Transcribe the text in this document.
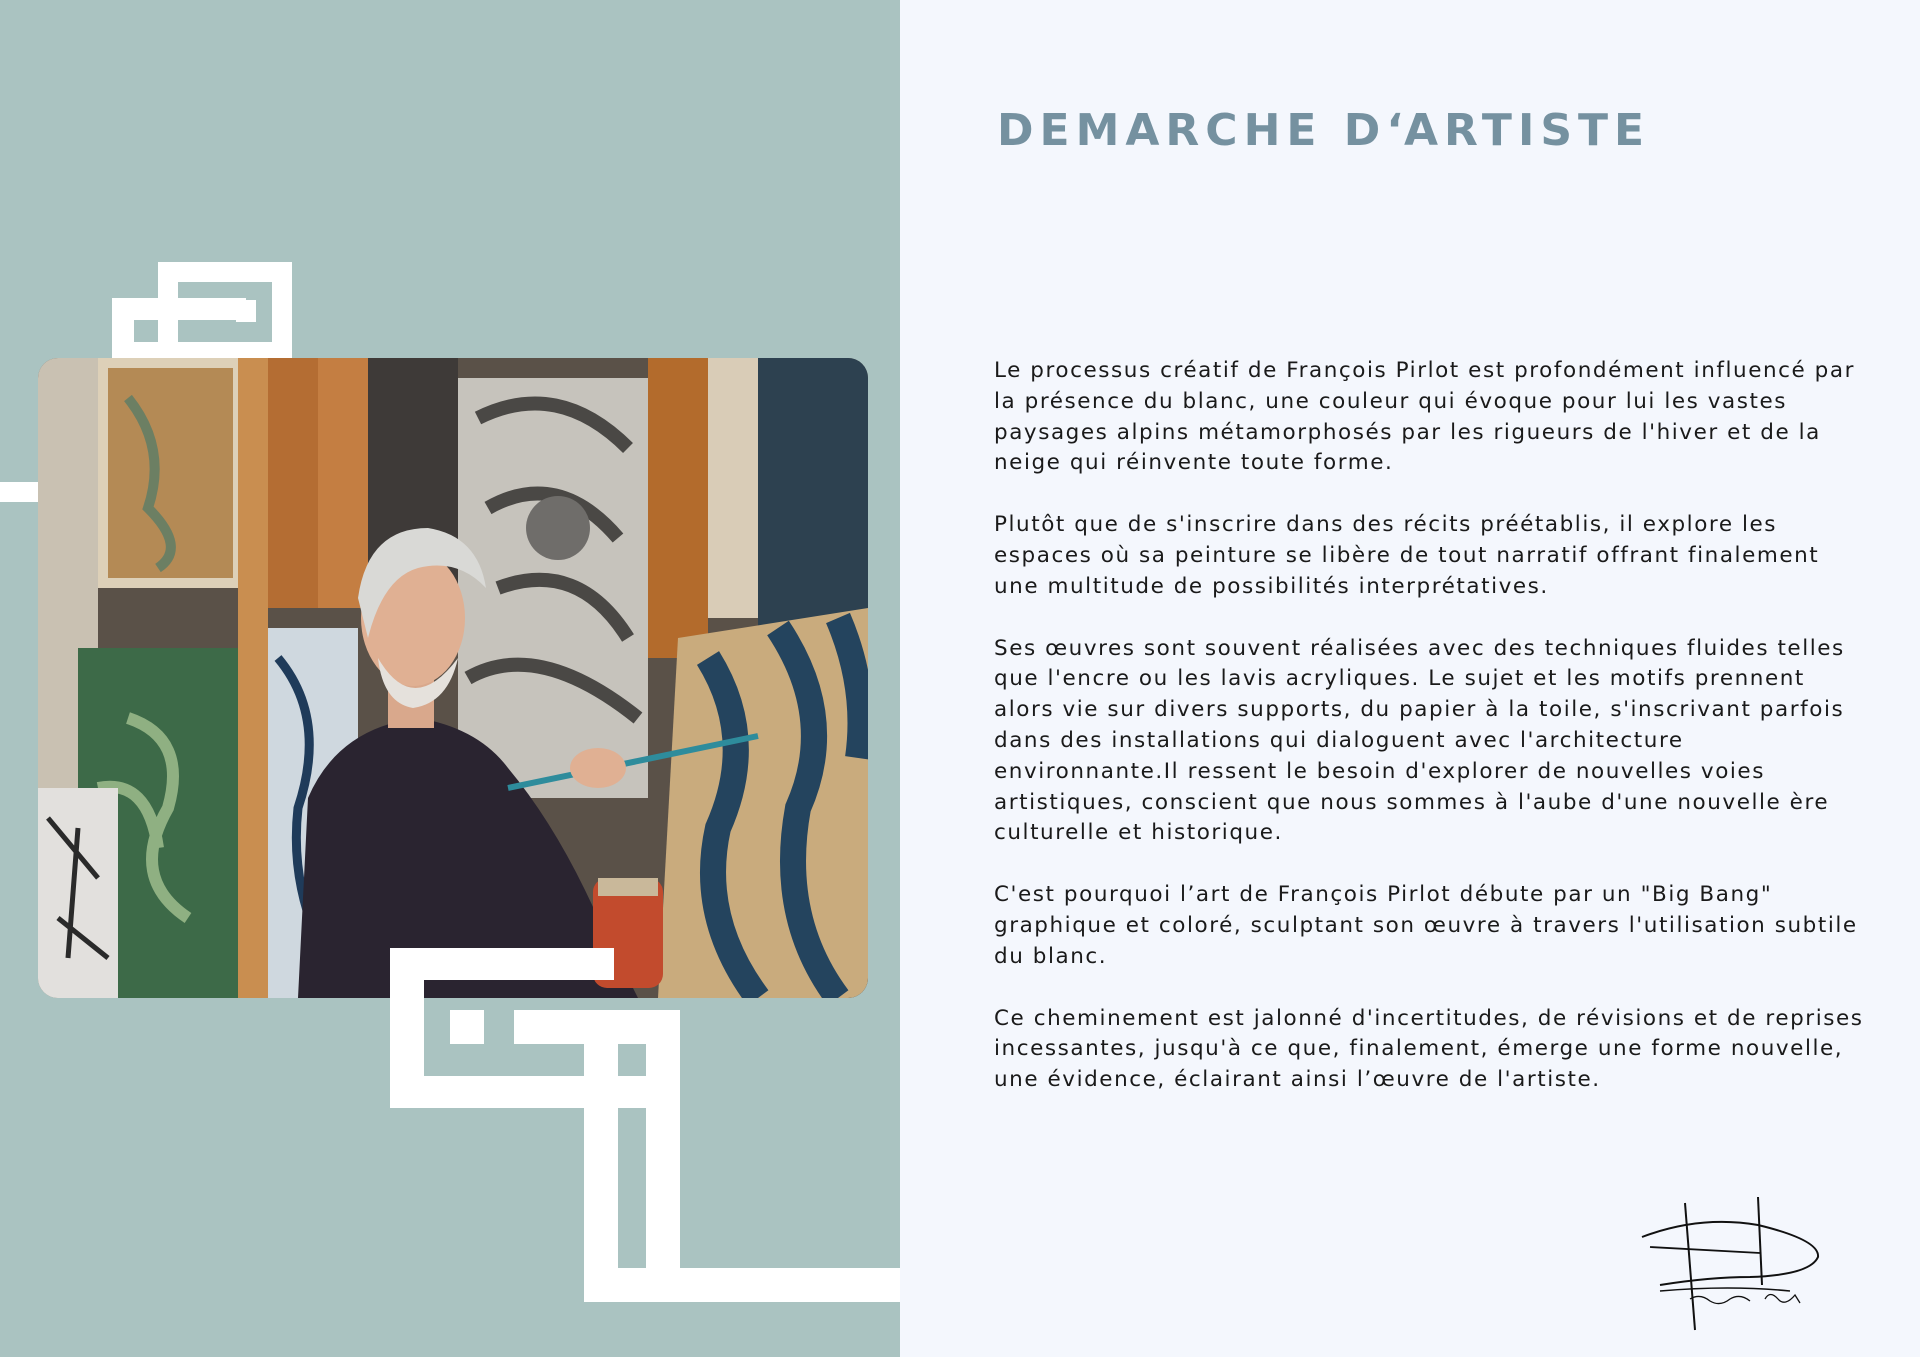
DEMARCHE D‘ARTISTE

Le processus créatif de François Pirlot est profondément influencé par la présence du blanc, une couleur qui évoque pour lui les vastes paysages alpins métamorphosés par les rigueurs de l'hiver et de la neige qui réinvente toute forme.

Plutôt que de s'inscrire dans des récits préétablis, il explore les espaces où sa peinture se libère de tout narratif offrant finalement une multitude de possibilités interprétatives.

Ses œuvres sont souvent réalisées avec des techniques fluides telles que l'encre ou les lavis acryliques. Le sujet et les motifs prennent alors vie sur divers supports, du papier à la toile, s'inscrivant parfois dans des installations qui dialoguent avec l'architecture environnante.Il ressent le besoin d'explorer de nouvelles voies artistiques, conscient que nous sommes à l'aube d'une nouvelle ère culturelle et historique.

C'est pourquoi l’art de François Pirlot débute par un "Big Bang" graphique et coloré, sculptant son œuvre à travers l'utilisation subtile du blanc.

Ce cheminement est jalonné d'incertitudes, de révisions et de reprises incessantes, jusqu'à ce que, finalement, émerge une forme nouvelle, une évidence, éclairant ainsi l’œuvre de l'artiste.
